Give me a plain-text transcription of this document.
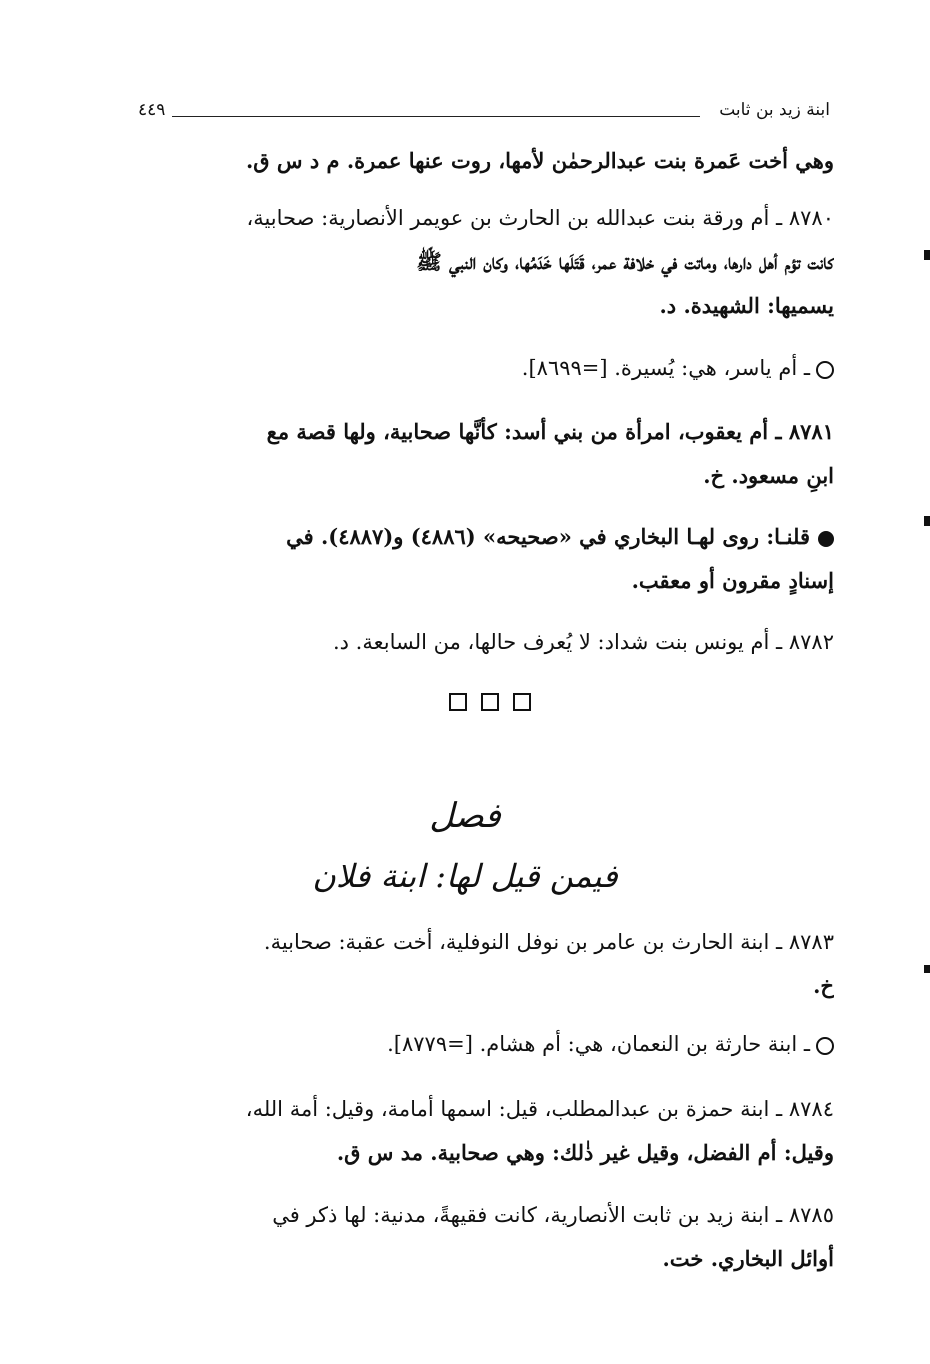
ابنة زيد بن ثابت
٤٤٩
وهي أخت عَمرة بنت عبدالرحمٰن لأمها، روت عنها عمرة. م د س ق.
٨٧٨٠ ـ أم ورقة بنت عبدالله بن الحارث بن عويمر الأنصارية: صحابية،
كانت تؤم أهل دارها، وماتت في خلافة عمر، قَتَلَها خَدَمُها، وكان النبي ﷺ
يسميها: الشهيدة. د.
ـ أم ياسر، هي: يُسيرة. [=٨٦٩٩].
٨٧٨١ ـ أم يعقوب، امرأة من بني أسد: كأنَّها صحابية، ولها قصة مع
ابنِ مسعود. خ.
قلنـا: روى لهـا البخاري في «صحيحه» (٤٨٨٦) و(٤٨٨٧). في
إسنادٍ مقرون أو معقب.
٨٧٨٢ ـ أم يونس بنت شداد: لا يُعرف حالها، من السابعة. د.
فصل
فيمن قيل لها: ابنة فلان
٨٧٨٣ ـ ابنة الحارث بن عامر بن نوفل النوفلية، أخت عقبة: صحابية.
خ.
ـ ابنة حارثة بن النعمان، هي: أم هشام. [=٨٧٧٩].
٨٧٨٤ ـ ابنة حمزة بن عبدالمطلب، قيل: اسمها أمامة، وقيل: أمة الله،
وقيل: أم الفضل، وقيل غير ذٰلك: وهي صحابية. مد س ق.
٨٧٨٥ ـ ابنة زيد بن ثابت الأنصارية، كانت فقيهةً، مدنية: لها ذكر في
أوائل البخاري. خت.
